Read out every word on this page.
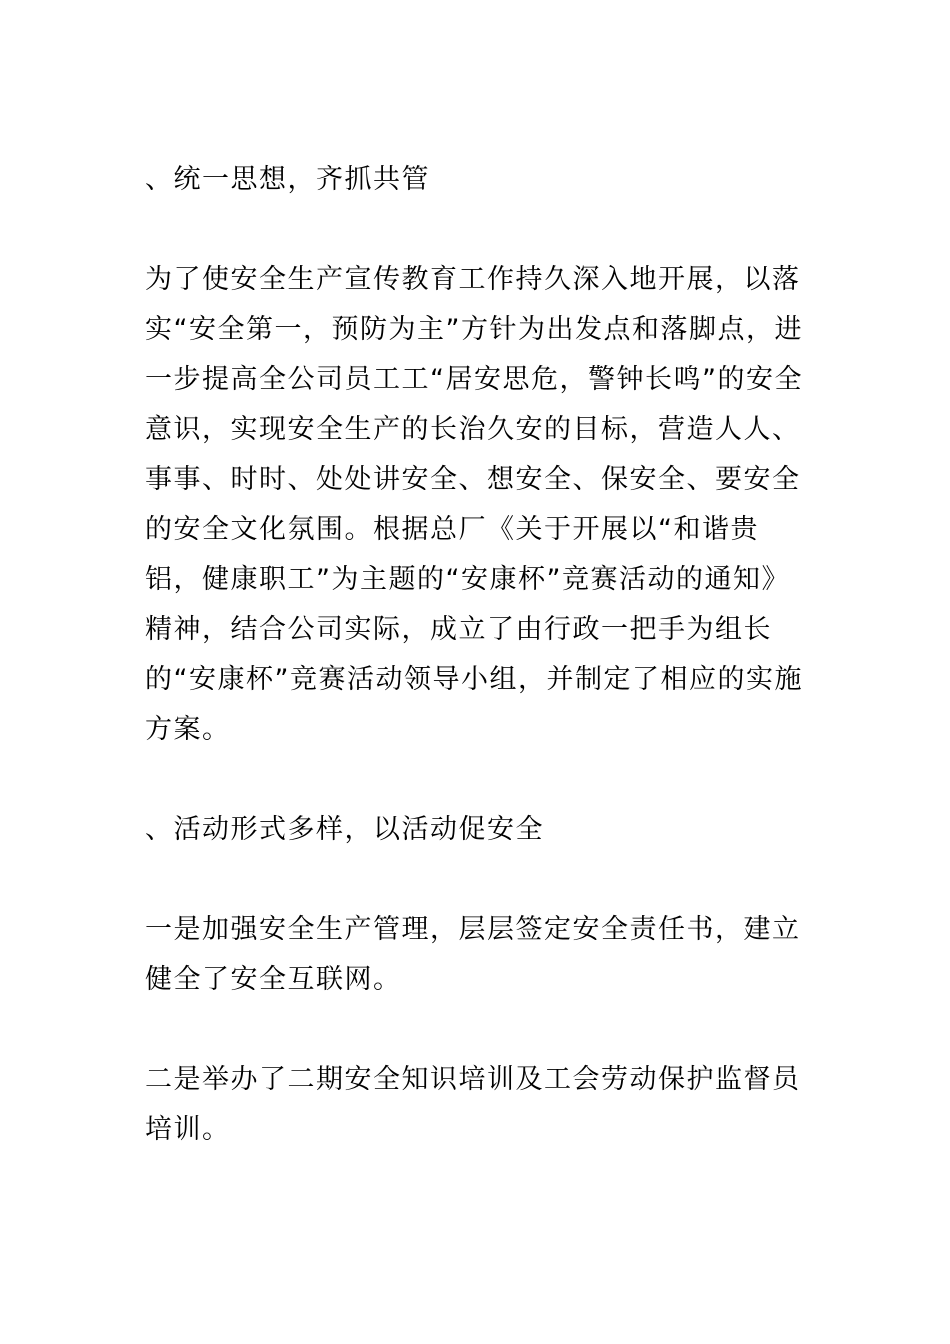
、统一思想，齐抓共管

为了使安全生产宣传教育工作持久深入地开展，以落实“安全第一，预防为主”方针为出发点和落脚点，进一步提高全公司员工工“居安思危，警钟长鸣”的安全意识，实现安全生产的长治久安的目标，营造人人、事事、时时、处处讲安全、想安全、保安全、要安全的安全文化氛围。根据总厂《关于开展以“和谐贵铝，健康职工”为主题的“安康杯”竞赛活动的通知》精神，结合公司实际，成立了由行政一把手为组长的“安康杯”竞赛活动领导小组，并制定了相应的实施方案。

、活动形式多样，以活动促安全

一是加强安全生产管理，层层签定安全责任书，建立健全了安全互联网。

二是举办了二期安全知识培训及工会劳动保护监督员培训。
